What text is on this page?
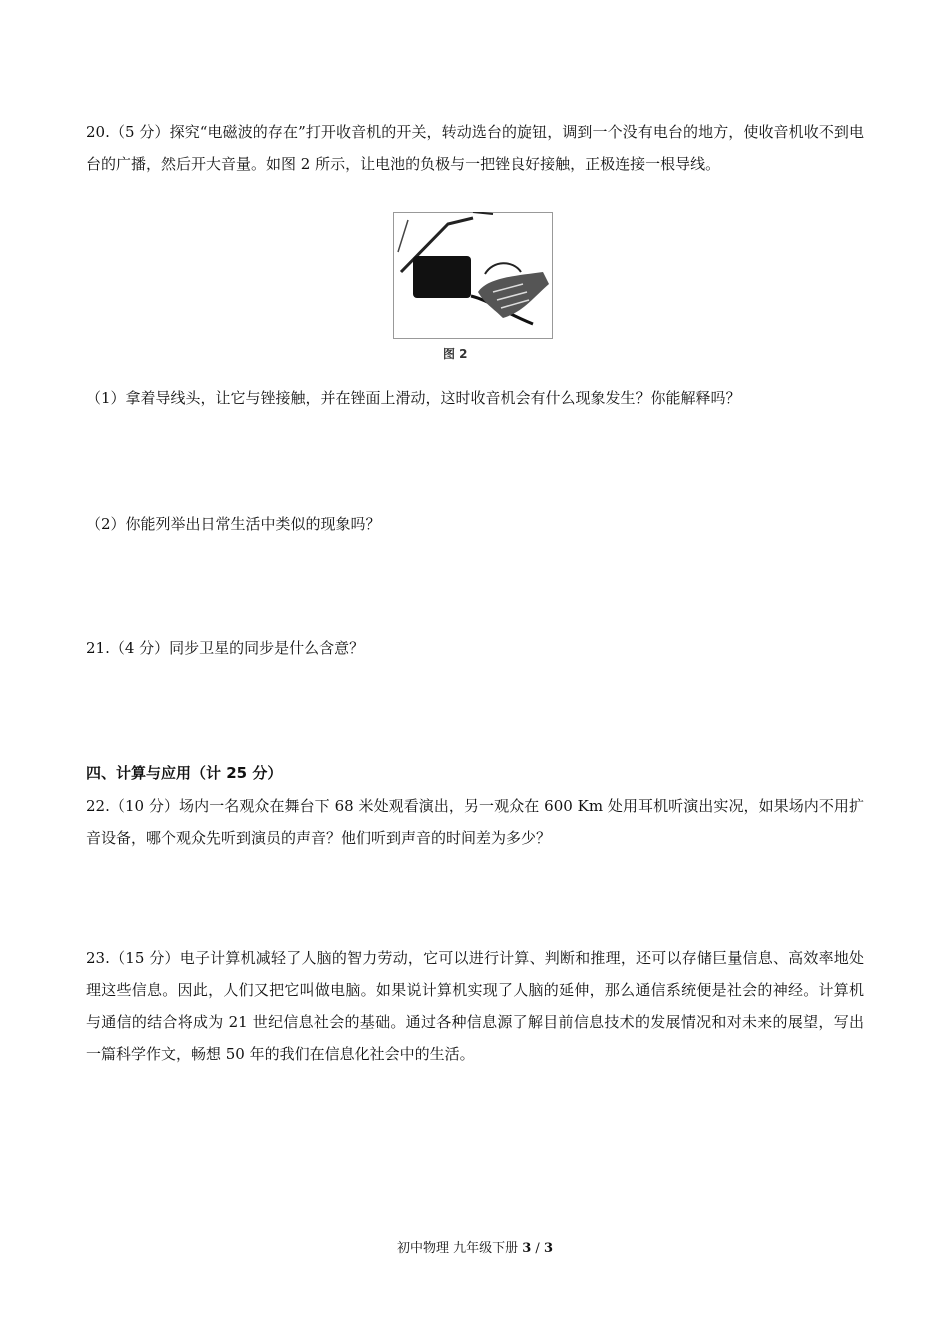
20.（5 分）探究“电磁波的存在”打开收音机的开关，转动选台的旋钮，调到一个没有电台的地方，使收音机收不到电台的广播，然后开大音量。如图 2 所示，让电池的负极与一把锉良好接触，正极连接一根导线。
图 2
（1）拿着导线头，让它与锉接触，并在锉面上滑动，这时收音机会有什么现象发生？你能解释吗？
（2）你能列举出日常生活中类似的现象吗？
21.（4 分）同步卫星的同步是什么含意？
四、计算与应用（计 25 分）
22.（10 分）场内一名观众在舞台下 68 米处观看演出，另一观众在 600 Km 处用耳机听演出实况，如果场内不用扩音设备，哪个观众先听到演员的声音？他们听到声音的时间差为多少？
23.（15 分）电子计算机减轻了人脑的智力劳动，它可以进行计算、判断和推理，还可以存储巨量信息、高效率地处理这些信息。因此，人们又把它叫做电脑。如果说计算机实现了人脑的延伸，那么通信系统便是社会的神经。计算机与通信的结合将成为 21 世纪信息社会的基础。通过各种信息源了解目前信息技术的发展情况和对未来的展望，写出一篇科学作文，畅想 50 年的我们在信息化社会中的生活。
初中物理 九年级下册 3 / 3
